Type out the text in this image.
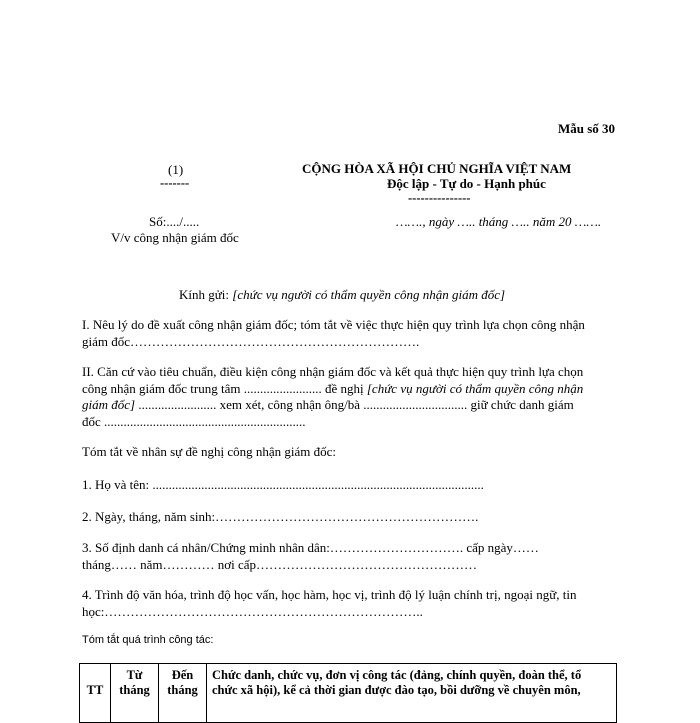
Mẫu số 30
(1)
-------
CỘNG HÒA XÃ HỘI CHỦ NGHĨA VIỆT NAM
Độc lập - Tự do - Hạnh phúc
---------------
Số:..../.....
V/v công nhận giám đốc
……., ngày ….. tháng ….. năm 20 …….
Kính gửi: [chức vụ người có thẩm quyền công nhận giám đốc]
I. Nêu lý do đề xuất công nhận giám đốc; tóm tắt về việc thực hiện quy trình lựa chọn công nhận
giám đốc………………………………………………………….
II. Căn cứ vào tiêu chuẩn, điều kiện công nhận giám đốc và kết quả thực hiện quy trình lựa chọn
công nhận giám đốc trung tâm ........................ đề nghị [chức vụ người có thẩm quyền công nhận
giám đốc] ........................ xem xét, công nhận ông/bà ................................ giữ chức danh giám
đốc ..............................................................
Tóm tắt về nhân sự đề nghị công nhận giám đốc:
1. Họ và tên: ......................................................................................................
2. Ngày, tháng, năm sinh:…………………………………………………….
3. Số định danh cá nhân/Chứng minh nhân dân:…………………………. cấp ngày……
tháng…… năm………… nơi cấp……………………………………………
4. Trình độ văn hóa, trình độ học vấn, học hàm, học vị, trình độ lý luận chính trị, ngoại ngữ, tin
học:………………………………………………………………..
Tóm tắt quá trình công tác:
TT
Từ
tháng
Đến
tháng
Chức danh, chức vụ, đơn vị công tác (đảng, chính quyền, đoàn thể, tổ
chức xã hội), kể cả thời gian được đào tạo, bồi dưỡng về chuyên môn,
